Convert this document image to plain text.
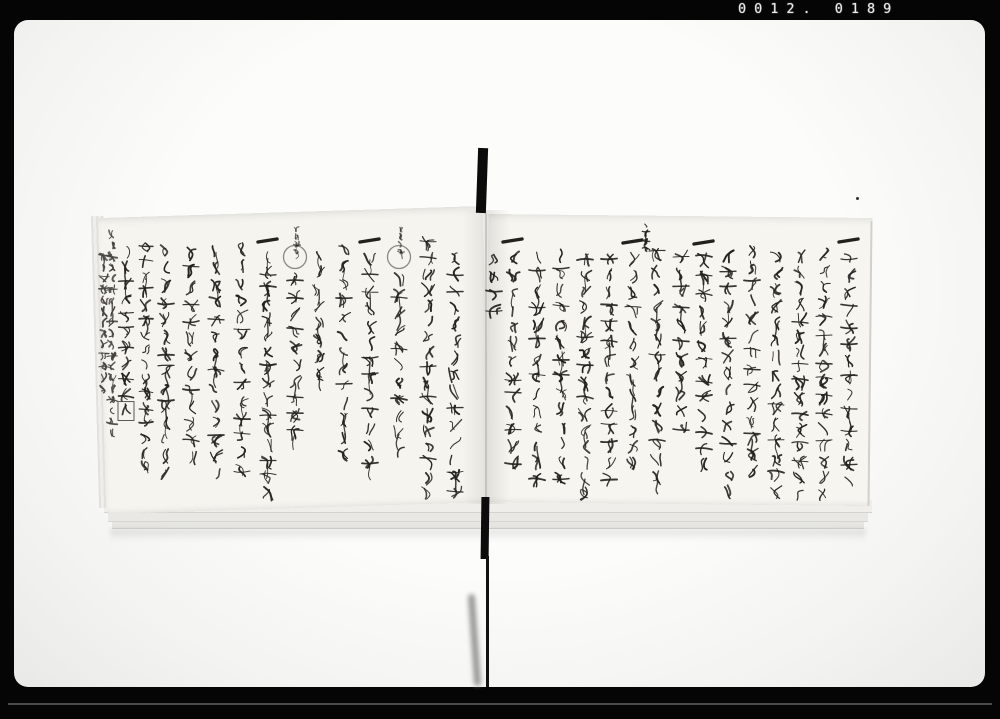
0012. 0189
